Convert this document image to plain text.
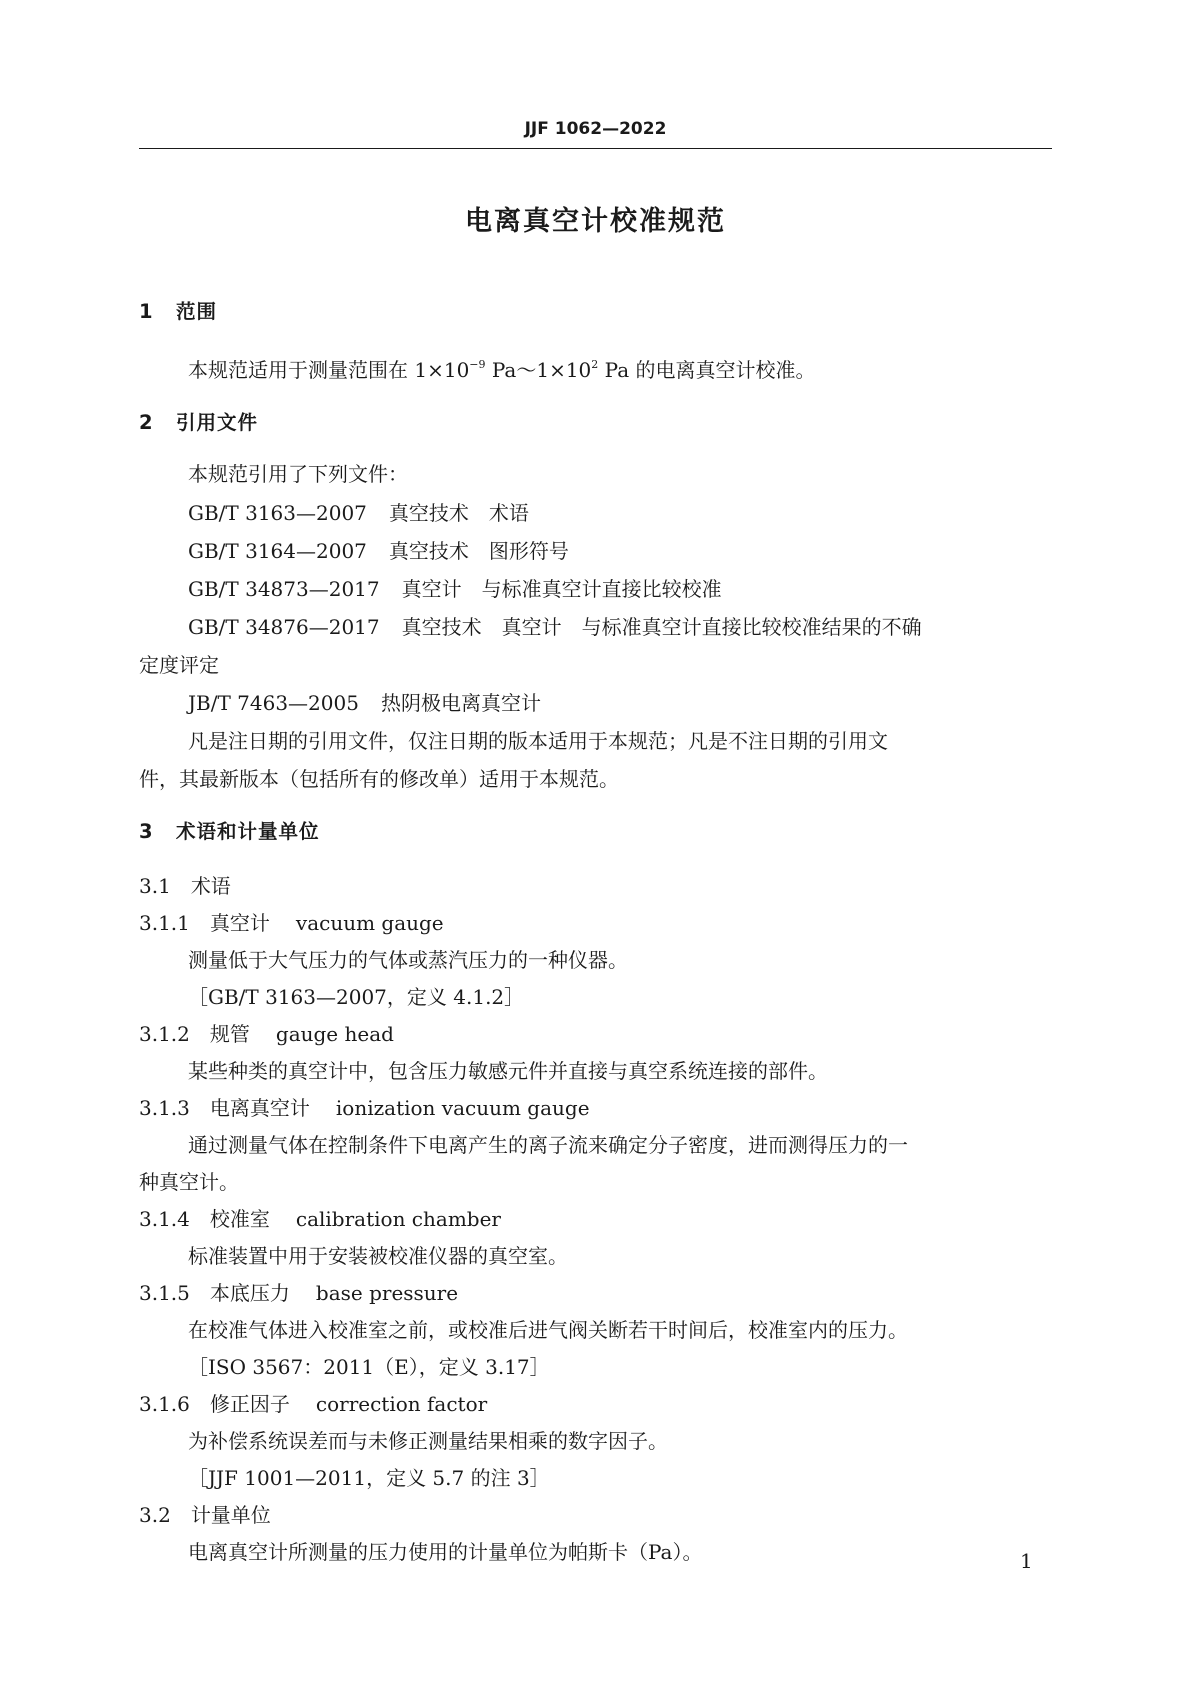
JJF 1062—2022
电离真空计校准规范
1 范围
本规范适用于测量范围在 $1\times 10^{-9}$ $Pa\sim 1\times 10^2$ Pa 的电离真空计校准。
2 引用文件
本规范引用了下列文件：
GB/T 3163—2007 真空技术　术语
GB/T 3164—2007 真空技术　图形符号
GB/T 34873—2017 真空计　与标准真空计直接比较校准
GB/T 34876—2017 真空技术　真空计　与标准真空计直接比较校准结果的不确
定度评定
JB/T 7463—2005 热阴极电离真空计
凡是注日期的引用文件，仅注日期的版本适用于本规范；凡是不注日期的引用文
件，其最新版本（包括所有的修改单）适用于本规范。
3 术语和计量单位
3.1 术语
3.1.1 真空计 vacuum gauge
测量低于大气压力的气体或蒸汽压力的一种仪器。
［GB/T 3163—2007，定义 4.1.2］
3.1.2 规管 gauge head
某些种类的真空计中，包含压力敏感元件并直接与真空系统连接的部件。
3.1.3 电离真空计 ionization vacuum gauge
通过测量气体在控制条件下电离产生的离子流来确定分子密度，进而测得压力的一
种真空计。
3.1.4 校准室 calibration chamber
标准装置中用于安装被校准仪器的真空室。
3.1.5 本底压力 base pressure
在校准气体进入校准室之前，或校准后进气阀关断若干时间后，校准室内的压力。
［ISO 3567：2011（E），定义 3.17］
3.1.6 修正因子 correction factor
为补偿系统误差而与未修正测量结果相乘的数字因子。
［JJF 1001—2011，定义 5.7 的注 3］
3.2 计量单位
电离真空计所测量的压力使用的计量单位为帕斯卡（Pa）。	1
